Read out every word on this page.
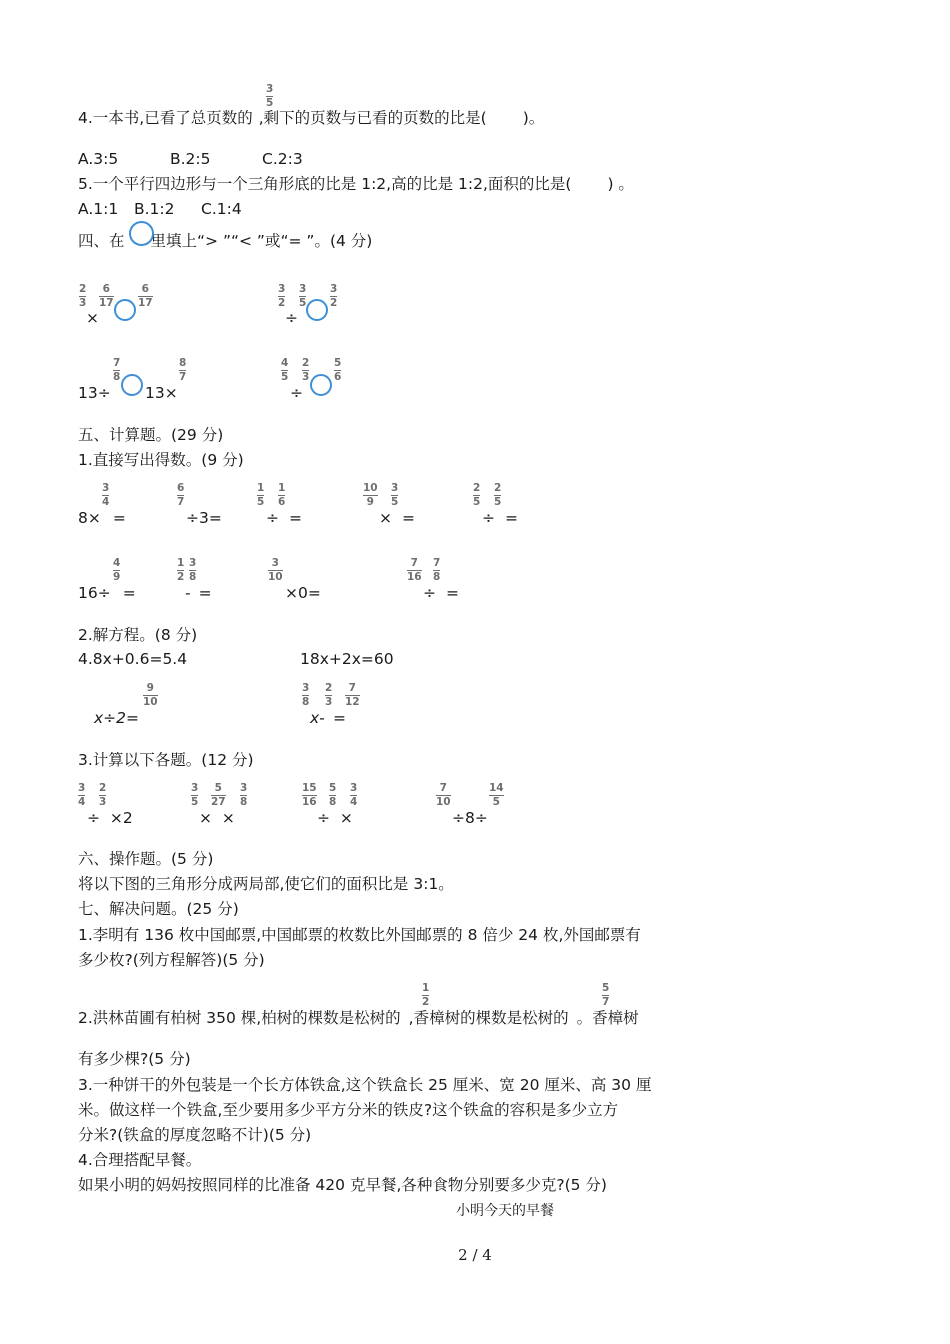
3
5
4.一本书,已看了总页数的 ,剩下的页数与已看的页数的比是( )。
A.3:5	B.2:5	C.2:3
5.一个平行四边形与一个三角形底的比是 1:2,高的比是 1:2,面积的比是( ) 。
A.1:1 B.1:2 C.1:4
四、在 里填上“> ”“< ”或“= ”。(4 分)
2
3
×
6
17
6
17
3
2
÷
3
5
3
2
13÷
7
8
13×
8
7
4
5
÷
2
3
5
6
五、计算题。(29 分)
1.直接写出得数。(9 分)
3
4
8× =
6
7
÷3=
1
5
1
6
÷ =
10
9
3
5
× =
2
5
2
5
÷ =
4
9
16÷ =
1
2
3
8
- =
3
10
×0=
7
16
7
8
÷ =
2.解方程。(8 分)
4.8x+0.6=5.4	18x+2x=60
x÷2=
9
10
3
8
2
3
7
12
x- =
3.计算以下各题。(12 分)
3
4
2
3
÷  ×2
3
5
5
27
3
8
×  ×
15
16
5
8
3
4
÷  ×
7
10
14
5
÷8÷
六、操作题。(5 分)
将以下图的三角形分成两局部,使它们的面积比是 3:1。
七、解决问题。(25 分)
1.李明有 136 枚中国邮票,中国邮票的枚数比外国邮票的 8 倍少 24 枚,外国邮票有
多少枚?(列方程解答)(5 分)
1
2
5
7
2.洪林苗圃有柏树 350 棵,柏树的棵数是松树的 ,香樟树的棵数是松树的 。香樟树
有多少棵?(5 分)
3.一种饼干的外包装是一个长方体铁盒,这个铁盒长 25 厘米、宽 20 厘米、高 30 厘
米。做这样一个铁盒,至少要用多少平方分米的铁皮?这个铁盒的容积是多少立方
分米?(铁盒的厚度忽略不计)(5 分)
4.合理搭配早餐。
如果小明的妈妈按照同样的比准备 420 克早餐,各种食物分别要多少克?(5 分)
小明今天的早餐
2 / 4
